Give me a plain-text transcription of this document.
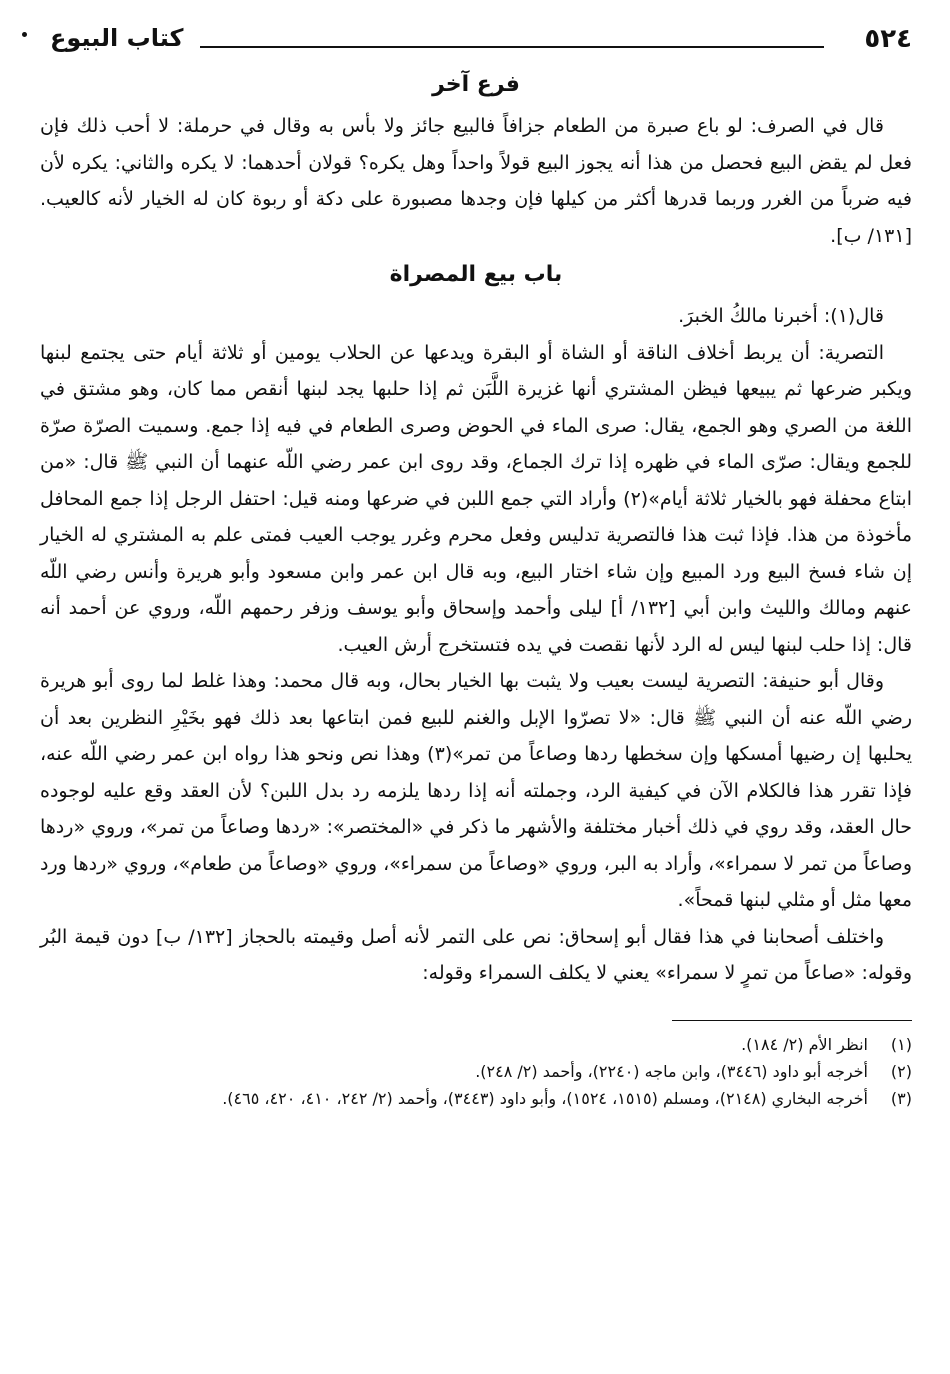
٥٢٤
كتاب البيوع
فرع آخر

قال في الصرف: لو باع صبرة من الطعام جزافاً فالبيع جائز ولا بأس به وقال في حرملة: لا أحب ذلك فإن فعل لم يقض البيع فحصل من هذا أنه يجوز البيع قولاً واحداً وهل يكره؟ قولان أحدهما: لا يكره والثاني: يكره لأن فيه ضرباً من الغرر وربما قدرها أكثر من كيلها فإن وجدها مصبورة على دكة أو ربوة كان له الخيار لأنه كالعيب. [١٣١/ ب].

باب بيع المصراة

قال(١): أخبرنا مالكُ الخبرَ.

التصرية: أن يربط أخلاف الناقة أو الشاة أو البقرة ويدعها عن الحلاب يومين أو ثلاثة أيام حتى يجتمع لبنها ويكبر ضرعها ثم يبيعها فيظن المشتري أنها غزيرة اللَّبَن ثم إذا حلبها يجد لبنها أنقص مما كان، وهو مشتق في اللغة من الصري وهو الجمع، يقال: صرى الماء في الحوض وصرى الطعام في فيه إذا جمع. وسميت الصرّة صرّة للجمع ويقال: صرّى الماء في ظهره إذا ترك الجماع، وقد روى ابن عمر رضي اللّه عنهما أن النبي ﷺ قال: «من ابتاع محفلة فهو بالخيار ثلاثة أيام»(٢) وأراد التي جمع اللبن في ضرعها ومنه قيل: احتفل الرجل إذا جمع المحافل مأخوذة من هذا. فإذا ثبت هذا فالتصرية تدليس وفعل محرم وغرر يوجب العيب فمتى علم به المشتري له الخيار إن شاء فسخ البيع ورد المبيع وإن شاء اختار البيع، وبه قال ابن عمر وابن مسعود وأبو هريرة وأنس رضي اللّه عنهم ومالك والليث وابن أبي [١٣٢/ أ] ليلى وأحمد وإسحاق وأبو يوسف وزفر رحمهم اللّه، وروي عن أحمد أنه قال: إذا حلب لبنها ليس له الرد لأنها نقصت في يده فتستخرج أرش العيب.

وقال أبو حنيفة: التصرية ليست بعيب ولا يثبت بها الخيار بحال، وبه قال محمد: وهذا غلط لما روى أبو هريرة رضي اللّه عنه أن النبي ﷺ قال: «لا تصرّوا الإبل والغنم للبيع فمن ابتاعها بعد ذلك فهو بخَيْرِ النظرين بعد أن يحلبها إن رضيها أمسكها وإن سخطها ردها وصاعاً من تمر»(٣) وهذا نص ونحو هذا رواه ابن عمر رضي اللّه عنه، فإذا تقرر هذا فالكلام الآن في كيفية الرد، وجملته أنه إذا ردها يلزمه رد بدل اللبن؟ لأن العقد وقع عليه لوجوده حال العقد، وقد روي في ذلك أخبار مختلفة والأشهر ما ذكر في «المختصر»: «ردها وصاعاً من تمر»، وروي «ردها وصاعاً من تمر لا سمراء»، وأراد به البر، وروي «وصاعاً من سمراء»، وروي «وصاعاً من طعام»، وروي «ردها ورد معها مثل أو مثلي لبنها قمحاً».

واختلف أصحابنا في هذا فقال أبو إسحاق: نص على التمر لأنه أصل وقيمته بالحجاز [١٣٢/ ب] دون قيمة البُر وقوله: «صاعاً من تمرٍ لا سمراء» يعني لا يكلف السمراء وقوله:

(١)
انظر الأم (٢/ ١٨٤).
(٢)
أخرجه أبو داود (٣٤٤٦)، وابن ماجه (٢٢٤٠)، وأحمد (٢/ ٢٤٨).
(٣)
أخرجه البخاري (٢١٤٨)، ومسلم (١٥١٥، ١٥٢٤)، وأبو داود (٣٤٤٣)، وأحمد (٢/ ٢٤٢، ٤١٠، ٤٢٠، ٤٦٥).
